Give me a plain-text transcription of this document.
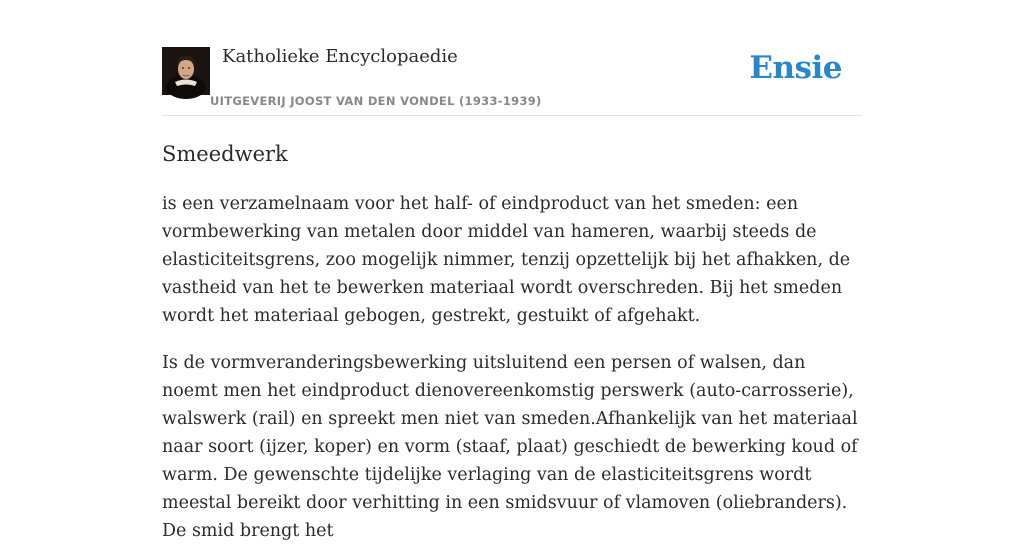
Katholieke Encyclopaedie
UITGEVERIJ JOOST VAN DEN VONDEL (1933-1939)
Ensie
Smeedwerk

is een verzamelnaam voor het half- of eindproduct van het smeden: een vormbewerking van metalen door middel van hameren, waarbij steeds de elasticiteitsgrens, zoo mogelijk nimmer, tenzij opzettelijk bij het afhakken, de vastheid van het te bewerken materiaal wordt overschreden. Bij het smeden wordt het materiaal gebogen, gestrekt, gestuikt of afgehakt.

Is de vormveranderingsbewerking uitsluitend een persen of walsen, dan noemt men het eindproduct dienovereenkomstig perswerk (auto-carrosserie), walswerk (rail) en spreekt men niet van smeden.Afhankelijk van het materiaal naar soort (ijzer, koper) en vorm (staaf, plaat) geschiedt de bewerking koud of warm. De gewenschte tijdelijke verlaging van de elasticiteitsgrens wordt meestal bereikt door verhitting in een smidsvuur of vlamoven (oliebranders). De smid brengt het
